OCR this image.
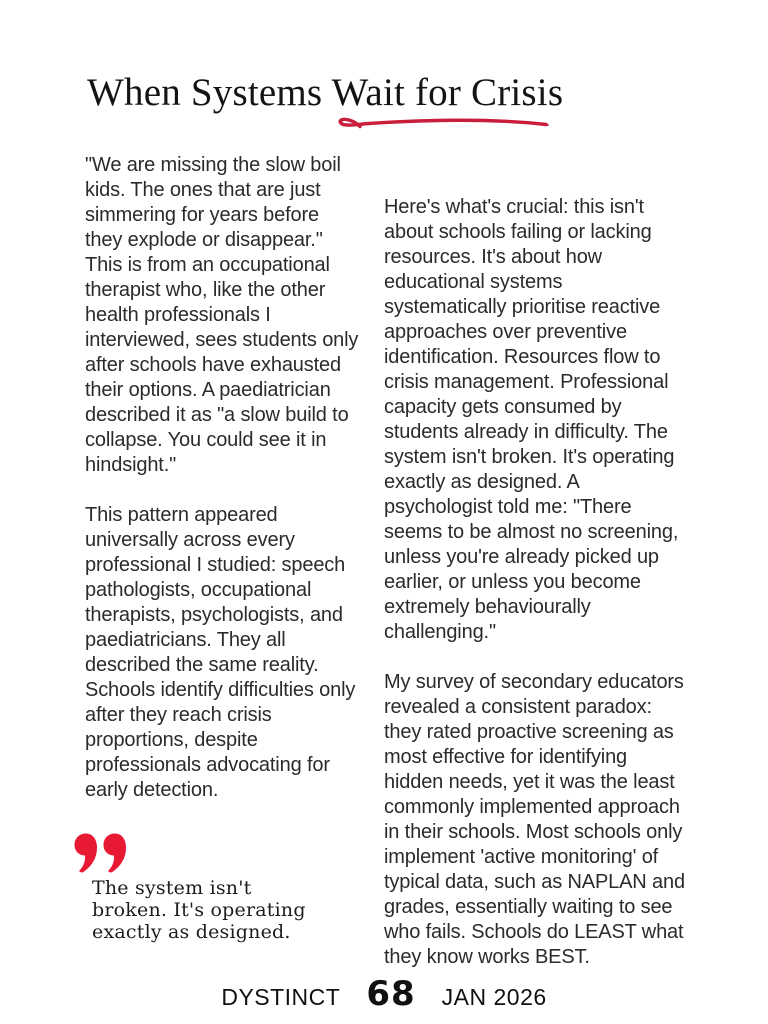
When Systems Wait for Crisis

"We are missing the slow boil kids. The ones that are just simmering for years before they explode or disappear." This is from an occupational therapist who, like the other health professionals I interviewed, sees students only after schools have exhausted their options. A paediatrician described it as "a slow build to collapse. You could see it in hindsight."

This pattern appeared universally across every professional I studied: speech pathologists, occupational therapists, psychologists, and paediatricians. They all described the same reality. Schools identify difficulties only after they reach crisis proportions, despite professionals advocating for early detection.

Here's what's crucial: this isn't about schools failing or lacking resources. It's about how educational systems systematically prioritise reactive approaches over preventive identification. Resources flow to crisis management. Professional capacity gets consumed by students already in difficulty. The system isn't broken. It's operating exactly as designed. A psychologist told me: "There seems to be almost no screening, unless you're already picked up earlier, or unless you become extremely behaviourally challenging."

My survey of secondary educators revealed a consistent paradox: they rated proactive screening as most effective for identifying hidden needs, yet it was the least commonly implemented approach in their schools. Most schools only implement 'active monitoring' of typical data, such as NAPLAN and grades, essentially waiting to see who fails. Schools do LEAST what they know works BEST.

The system isn't broken. It's operating exactly as designed.
DYSTINCT 68 JAN 2026
